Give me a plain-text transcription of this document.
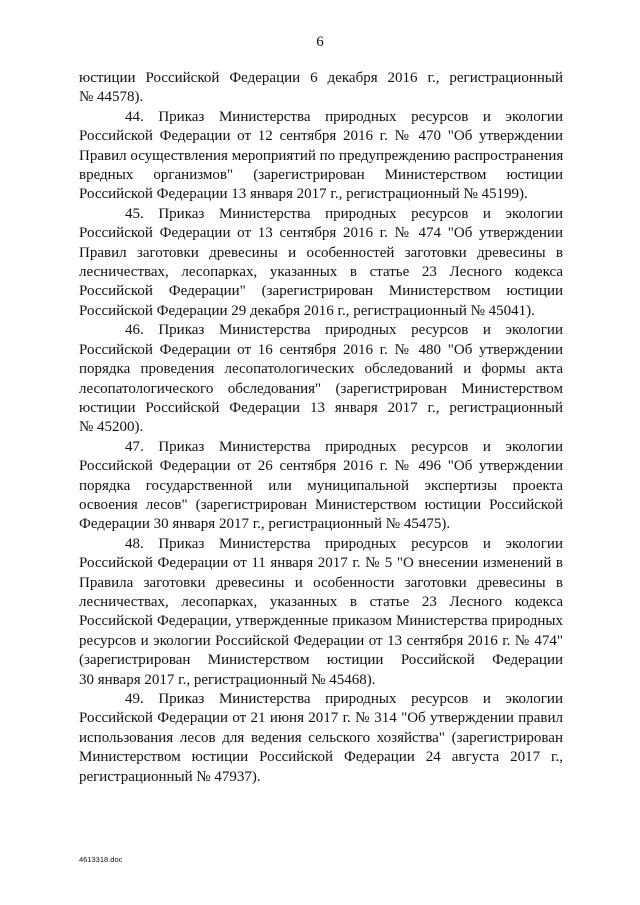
6

юстиции Российской Федерации 6 декабря 2016 г., регистрационный
№ 44578).

44. Приказ Министерства природных ресурсов и экологии
Российской Федерации от 12 сентября 2016 г. № 470 "Об утверждении
Правил осуществления мероприятий по предупреждению распространения
вредных организмов" (зарегистрирован Министерством юстиции
Российской Федерации 13 января 2017 г., регистрационный № 45199).

45. Приказ Министерства природных ресурсов и экологии
Российской Федерации от 13 сентября 2016 г. № 474 "Об утверждении
Правил заготовки древесины и особенностей заготовки древесины в
лесничествах, лесопарках, указанных в статье 23 Лесного кодекса
Российской Федерации" (зарегистрирован Министерством юстиции
Российской Федерации 29 декабря 2016 г., регистрационный № 45041).

46. Приказ Министерства природных ресурсов и экологии
Российской Федерации от 16 сентября 2016 г. № 480 "Об утверждении
порядка проведения лесопатологических обследований и формы акта
лесопатологического обследования" (зарегистрирован Министерством
юстиции Российской Федерации 13 января 2017 г., регистрационный
№ 45200).

47. Приказ Министерства природных ресурсов и экологии
Российской Федерации от 26 сентября 2016 г. № 496 "Об утверждении
порядка государственной или муниципальной экспертизы проекта
освоения лесов" (зарегистрирован Министерством юстиции Российской
Федерации 30 января 2017 г., регистрационный № 45475).

48. Приказ Министерства природных ресурсов и экологии
Российской Федерации от 11 января 2017 г. № 5 "О внесении изменений в
Правила заготовки древесины и особенности заготовки древесины в
лесничествах, лесопарках, указанных в статье 23 Лесного кодекса
Российской Федерации, утвержденные приказом Министерства природных
ресурсов и экологии Российской Федерации от 13 сентября 2016 г. № 474"
(зарегистрирован Министерством юстиции Российской Федерации
30 января 2017 г., регистрационный № 45468).

49. Приказ Министерства природных ресурсов и экологии
Российской Федерации от 21 июня 2017 г. № 314 "Об утверждении правил
использования лесов для ведения сельского хозяйства" (зарегистрирован
Министерством юстиции Российской Федерации 24 августа 2017 г.,
регистрационный № 47937).

4613318.doc
